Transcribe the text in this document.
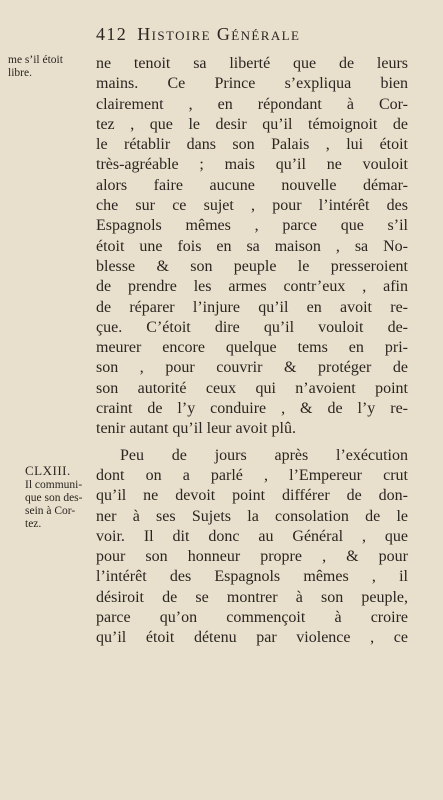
412 Histoire Générale
me s’il étoit
libre.
CLXIII.
Il communi-
que son des-
sein à Cor-
tez.
ne tenoit sa liberté que de leurs
mains. Ce Prince s’expliqua bien
clairement , en répondant à Cor-
tez , que le desir qu’il témoignoit de
le rétablir dans son Palais , lui étoit
très-agréable ; mais qu’il ne vouloit
alors faire aucune nouvelle démar-
che sur ce sujet , pour l’intérêt des
Espagnols mêmes , parce que s’il
étoit une fois en sa maison , sa No-
blesse & son peuple le presseroient
de prendre les armes contr’eux , afin
de réparer l’injure qu’il en avoit re-
çue. C’étoit dire qu’il vouloit de-
meurer encore quelque tems en pri-
son , pour couvrir & protéger de
son autorité ceux qui n’avoient point
craint de l’y conduire , & de l’y re-
tenir autant qu’il leur avoit plû.
Peu de jours après l’exécution
dont on a parlé , l’Empereur crut
qu’il ne devoit point différer de don-
ner à ses Sujets la consolation de le
voir. Il dit donc au Général , que
pour son honneur propre , & pour
l’intérêt des Espagnols mêmes , il
désiroit de se montrer à son peuple,
parce qu’on commençoit à croire
qu’il étoit détenu par violence , ce
